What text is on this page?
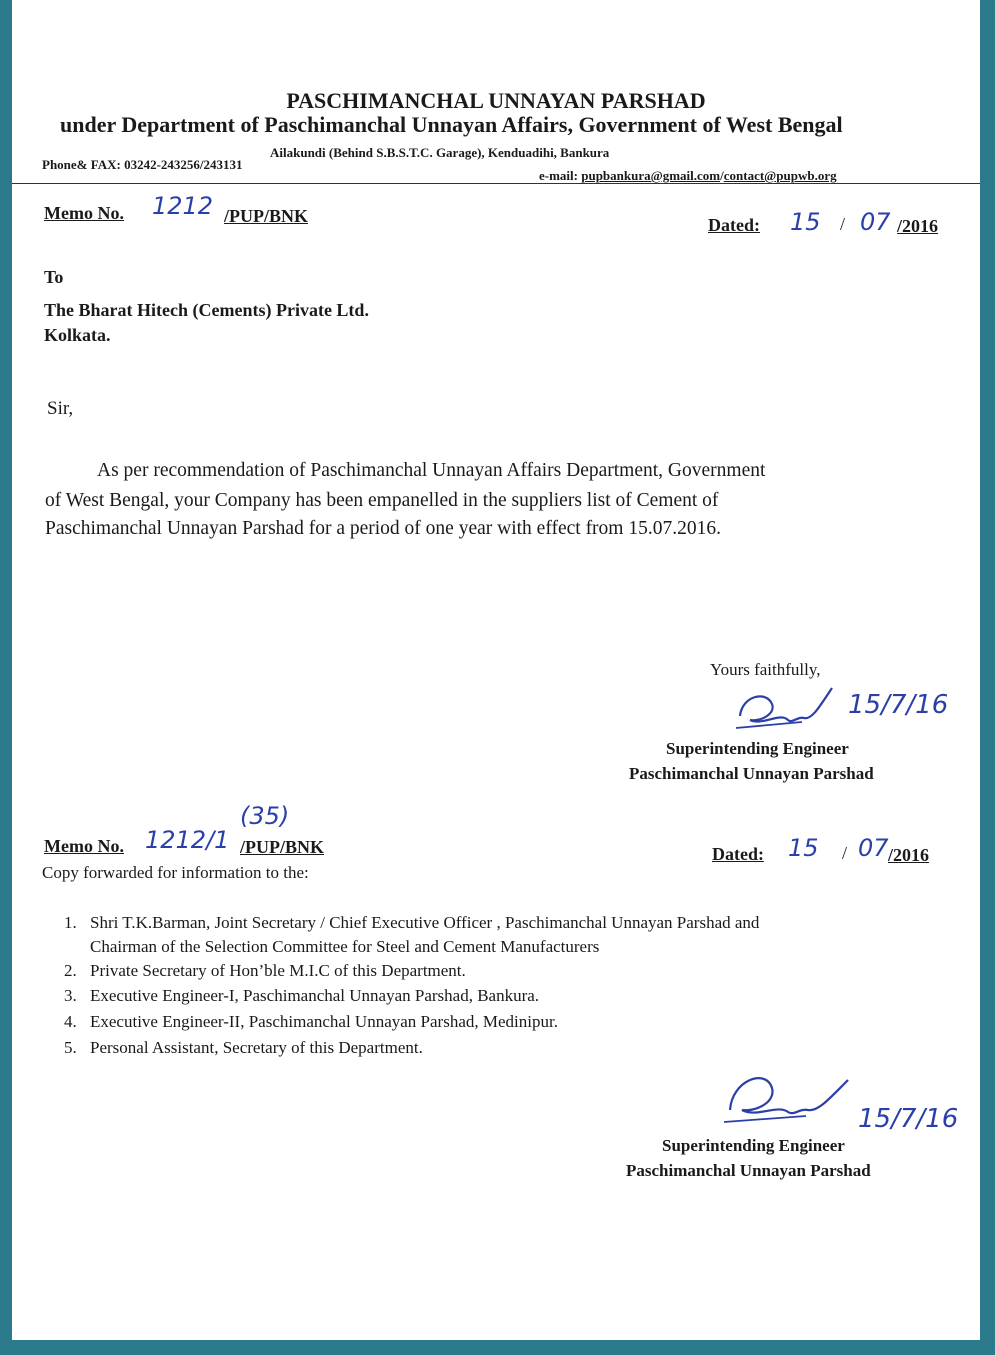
PASCHIMANCHAL UNNAYAN PARSHAD
under Department of Paschimanchal Unnayan Affairs, Government of West Bengal
Ailakundi (Behind S.B.S.T.C. Garage), Kenduadihi, Bankura
Phone& FAX: 03242-243256/243131
e-mail: pupbankura@gmail.com/contact@pupwb.org
Memo No. 1212 /PUP/BNK	Dated: 15 / 07 /2016
To
The Bharat Hitech (Cements) Private Ltd.
Kolkata.
Sir,
As per recommendation of Paschimanchal Unnayan Affairs Department, Government
of West Bengal, your Company has been empanelled in the suppliers list of Cement of
Paschimanchal Unnayan Parshad for a period of one year with effect from 15.07.2016.
Yours faithfully,
15/7/16
Superintending Engineer
Paschimanchal Unnayan Parshad
Memo No. 1212/1
(35)
/PUP/BNK	Dated: 15 / 07 /2016
Copy forwarded for information to the:
1. Shri T.K.Barman, Joint Secretary / Chief Executive Officer , Paschimanchal Unnayan Parshad and
Chairman of the Selection Committee for Steel and Cement Manufacturers
2. Private Secretary of Hon’ble M.I.C of this Department.
3. Executive Engineer-I, Paschimanchal Unnayan Parshad, Bankura.
4. Executive Engineer-II, Paschimanchal Unnayan Parshad, Medinipur.
5. Personal Assistant, Secretary of this Department.
15/7/16
Superintending Engineer
Paschimanchal Unnayan Parshad
